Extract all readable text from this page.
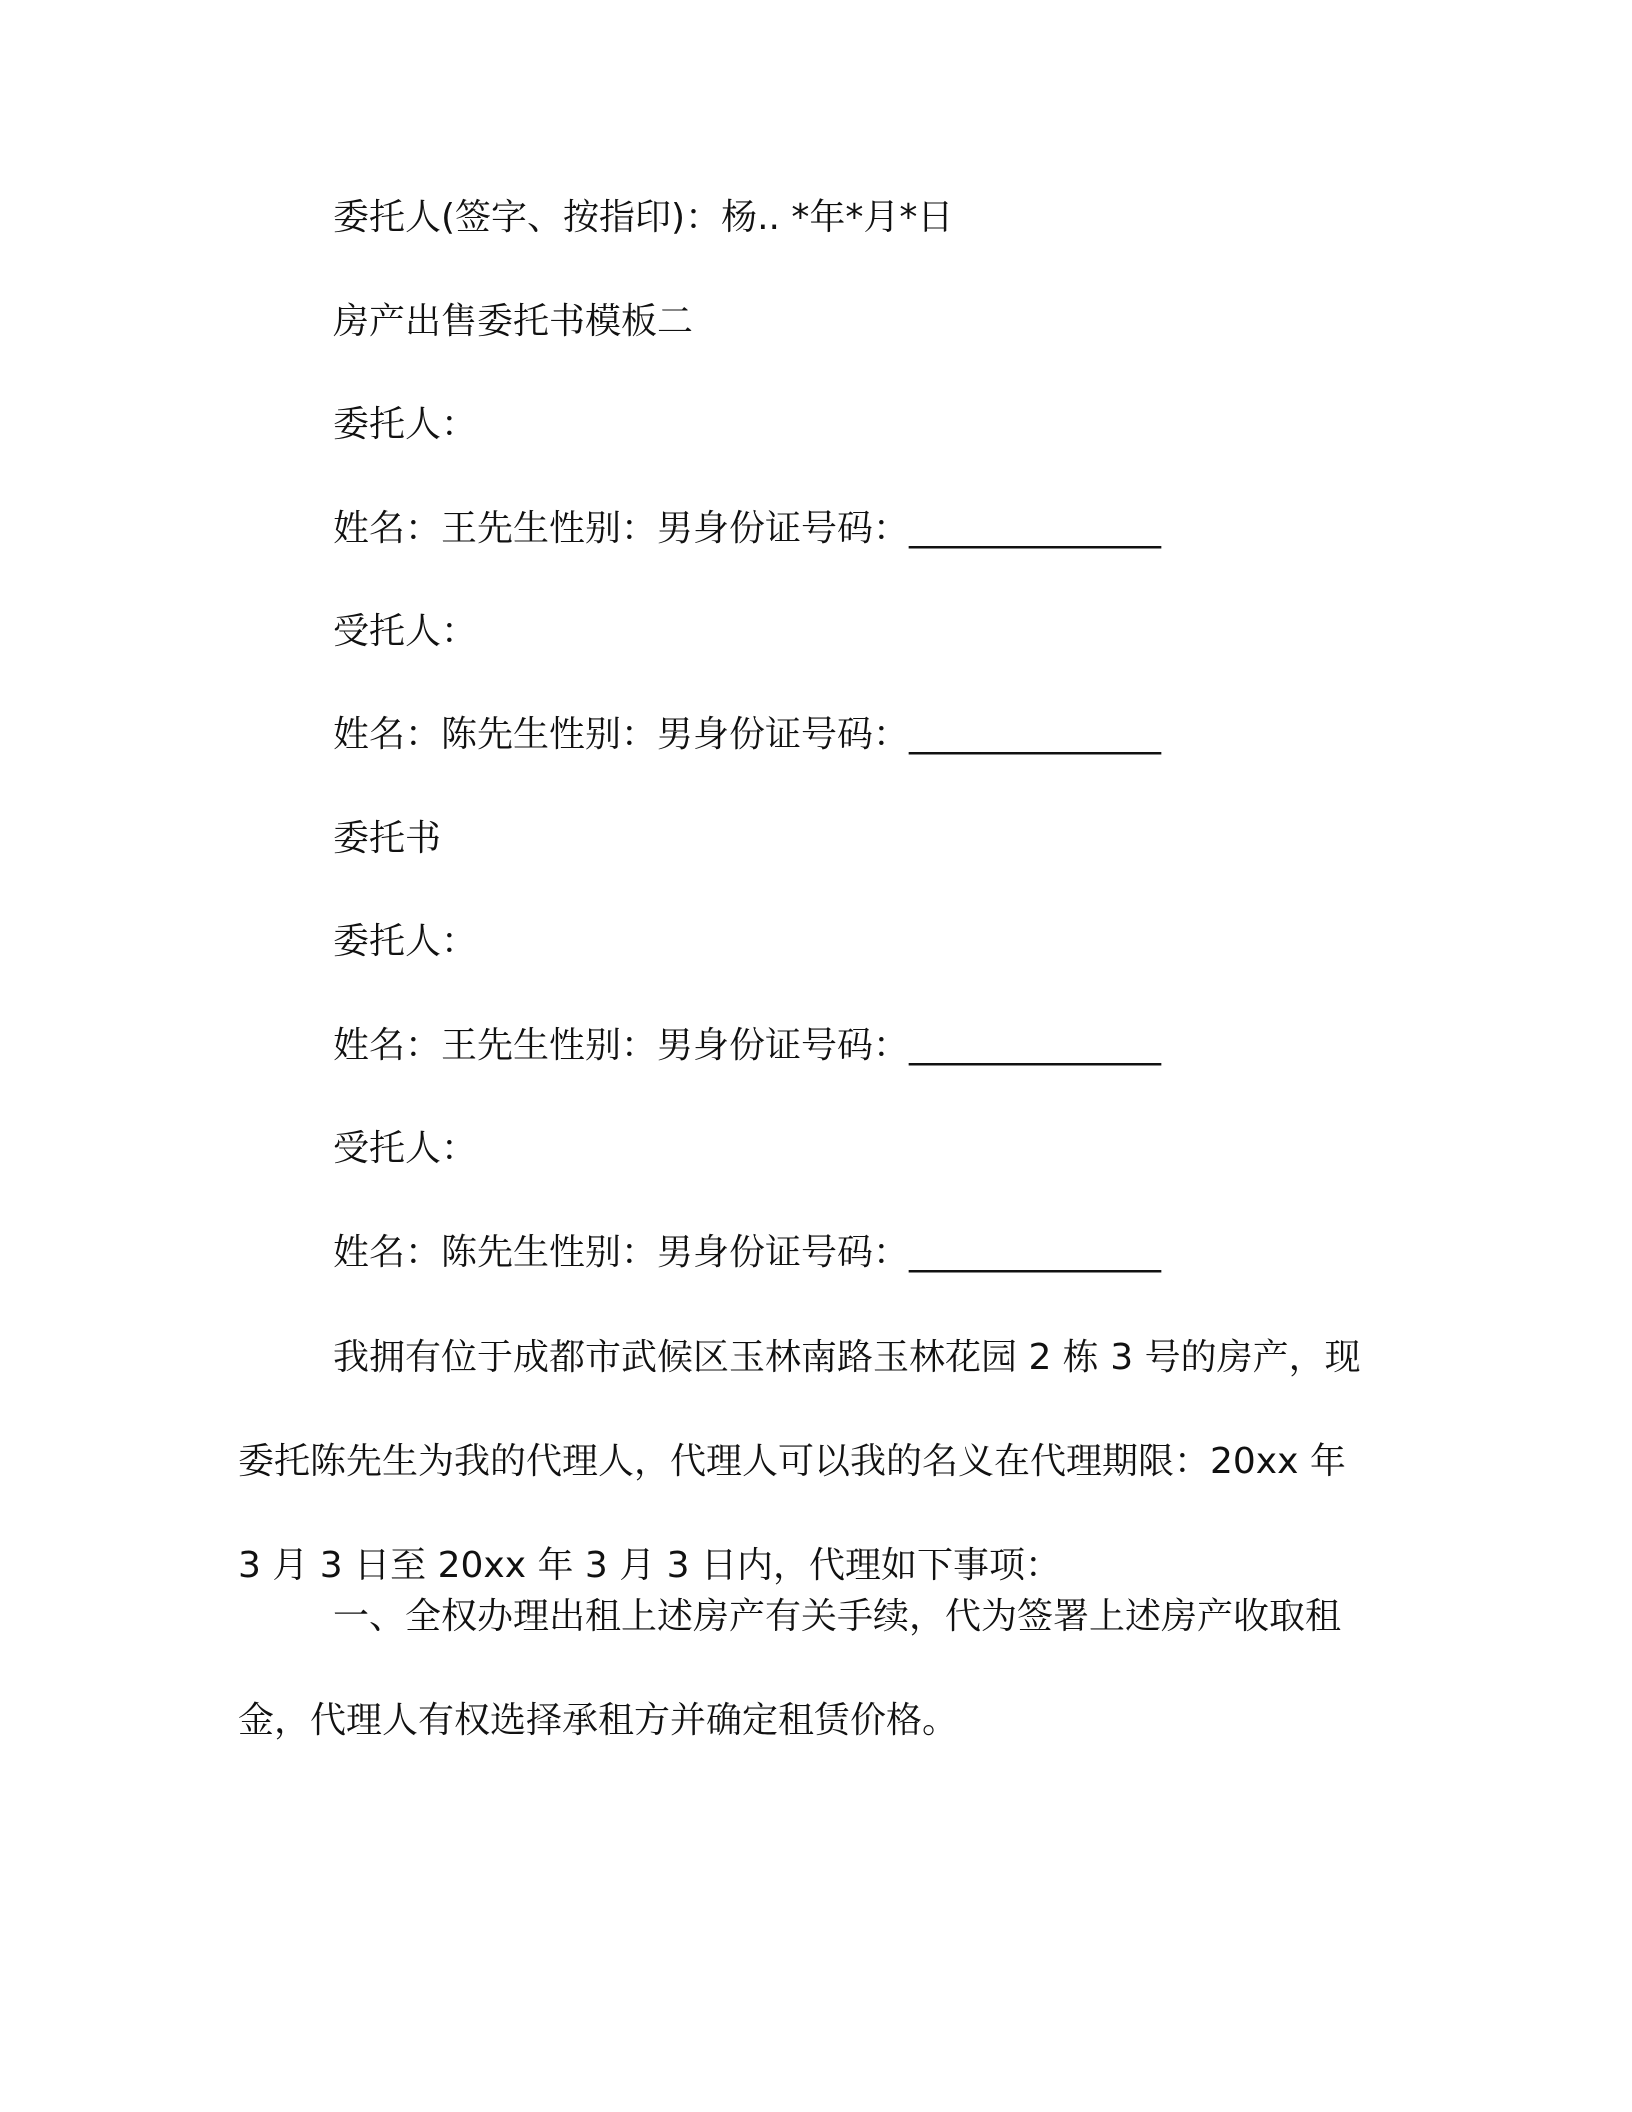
委托人(签字、按指印)：杨.. *年*月*日
房产出售委托书模板二
委托人：
姓名：王先生性别：男身份证号码：______________
受托人：
姓名：陈先生性别：男身份证号码：______________
委托书
委托人：
姓名：王先生性别：男身份证号码：______________
受托人：
姓名：陈先生性别：男身份证号码：______________
我拥有位于成都市武候区玉林南路玉林花园 2 栋 3 号的房产，现委托陈先生为我的代理人，代理人可以我的名义在代理期限：20xx 年 3 月 3 日至 20xx 年 3 月 3 日内，代理如下事项：
一、全权办理出租上述房产有关手续，代为签署上述房产收取租金，代理人有权选择承租方并确定租赁价格。
